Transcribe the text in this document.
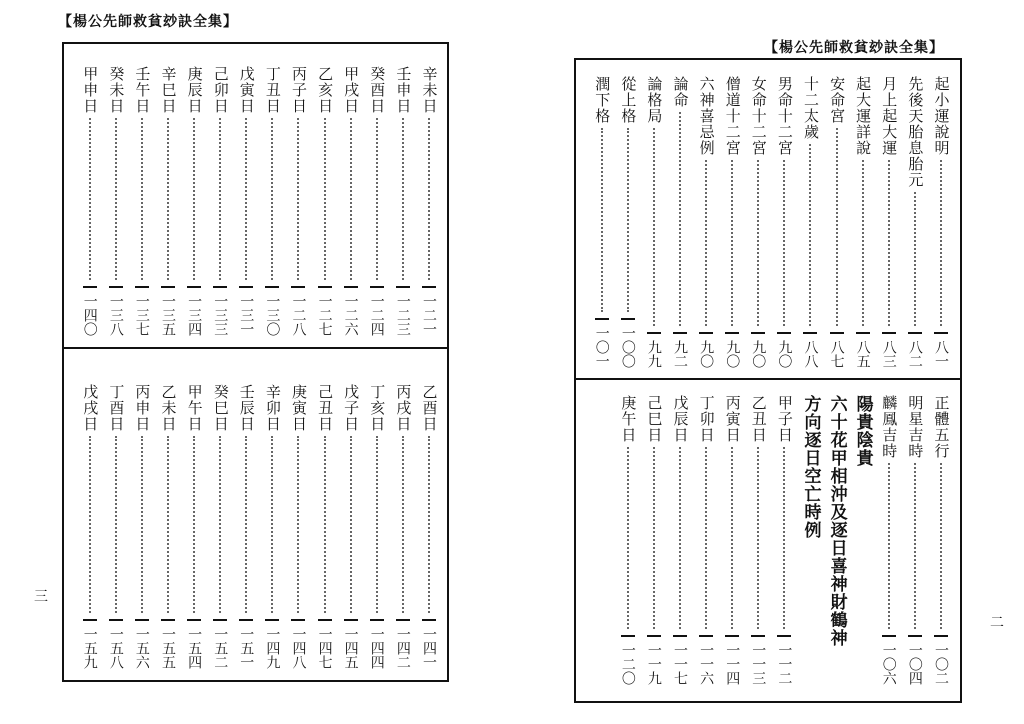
【楊公先師救貧玅訣全集】
辛未日
一二一
壬申日
一二三
癸酉日
一二四
甲戌日
一二六
乙亥日
一二七
丙子日
一二八
丁丑日
一三〇
戊寅日
一三一
己卯日
一三三
庚辰日
一三四
辛巳日
一三五
壬午日
一三七
癸未日
一三八
甲申日
一四〇
乙酉日
一四一
丙戌日
一四二
丁亥日
一四四
戊子日
一四五
己丑日
一四七
庚寅日
一四八
辛卯日
一四九
壬辰日
一五一
癸巳日
一五二
甲午日
一五四
乙未日
一五五
丙申日
一五六
丁酉日
一五八
戊戌日
一五九
三
【楊公先師救貧玅訣全集】
起小運說明
八一
先後天胎息胎元
八二
月上起大運
八三
起大運詳說
八五
安命宮
八七
十二太歲
八八
男命十二宮
九〇
女命十二宮
九〇
僧道十二宮
九〇
六神喜忌例
九〇
論命
九二
論格局
九九
從上格
一〇〇
潤下格
一〇一
正體五行
一〇二
明星吉時
一〇四
麟鳳吉時
一〇六
陽貴陰貴
六十花甲相沖及逐日喜神財鶴神
方向逐日空亡時例
甲子日
一一二
乙丑日
一一三
丙寅日
一一四
丁卯日
一一六
戊辰日
一一七
己巳日
一一九
庚午日
一二〇
二
